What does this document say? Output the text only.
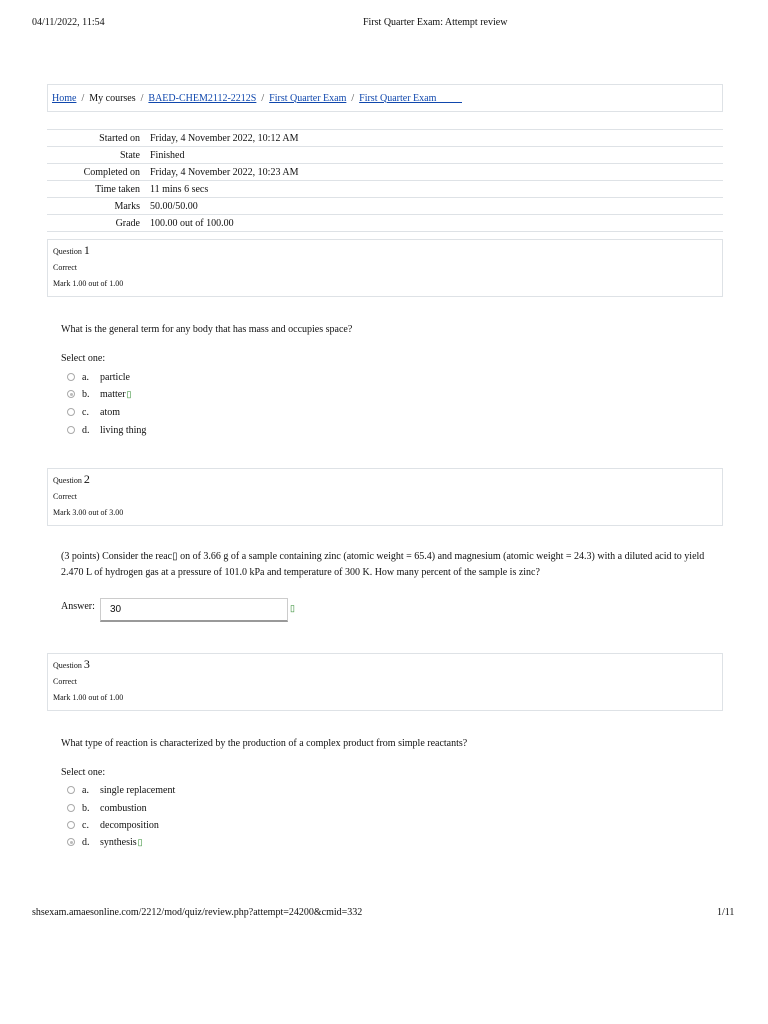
04/11/2022, 11:54	First Quarter Exam: Attempt review
Home / My courses / BAED-CHEM2112-2212S / First Quarter Exam / First Quarter Exam
Started on	Friday, 4 November 2022, 10:12 AM
State	Finished
Completed on	Friday, 4 November 2022, 10:23 AM
Time taken	11 mins 6 secs
Marks	50.00/50.00
Grade	100.00 out of 100.00
Question 1
Correct
Mark 1.00 out of 1.00
What is the general term for any body that has mass and occupies space?
Select one:
a.	particle
b.	matter ▯
c.	atom
d.	living thing
Question 2
Correct
Mark 3.00 out of 3.00
(3 points) Consider the reac▯ on of 3.66 g of a sample containing zinc (atomic weight = 65.4) and magnesium (atomic weight = 24.3) with a diluted acid to yield 2.470 L of hydrogen gas at a pressure of 101.0 kPa and temperature of 300 K. How many percent of the sample is zinc?
Answer:	30	▯
Question 3
Correct
Mark 1.00 out of 1.00
What type of reaction is characterized by the production of a complex product from simple reactants?
Select one:
a.	single replacement
b.	combustion
c.	decomposition
d.	synthesis ▯
shsexam.amaesonline.com/2212/mod/quiz/review.php?attempt=24200&cmid=332	1/11
